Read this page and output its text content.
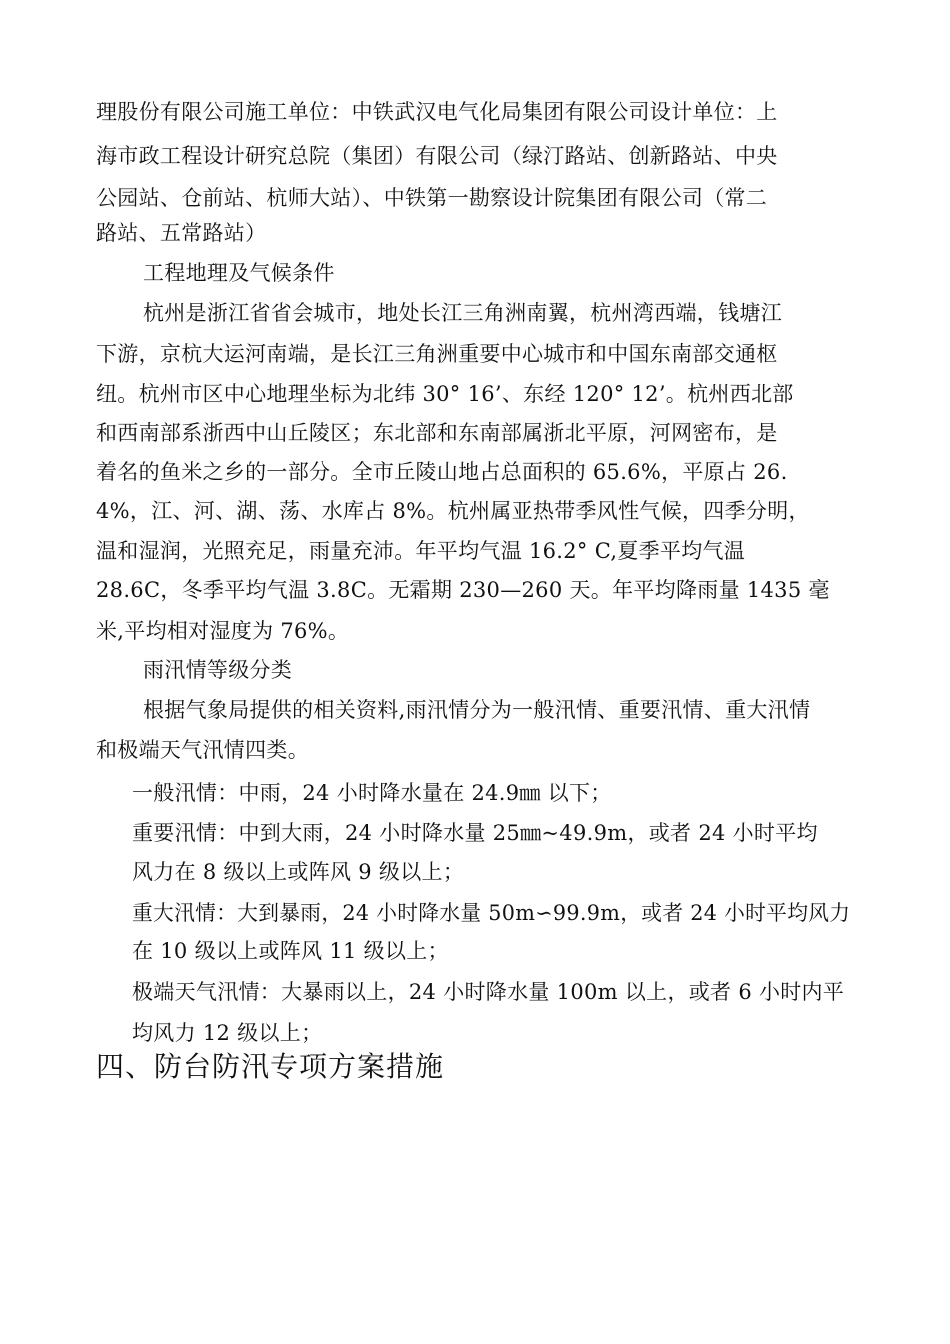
理股份有限公司施工单位：中铁武汉电气化局集团有限公司设计单位：上
海市政工程设计研究总院（集团）有限公司（绿汀路站、创新路站、中央
公园站、仓前站、杭师大站）、中铁第一勘察设计院集团有限公司（常二
路站、五常路站）
工程地理及气候条件
杭州是浙江省省会城市，地处长江三角洲南翼，杭州湾西端，钱塘江
下游，京杭大运河南端，是长江三角洲重要中心城市和中国东南部交通枢
纽。杭州市区中心地理坐标为北纬 30° 16’、东经 120° 12’。杭州西北部
和西南部系浙西中山丘陵区；东北部和东南部属浙北平原，河网密布，是
着名的鱼米之乡的一部分。全市丘陵山地占总面积的 65.6%，平原占 26.
4%，江、河、湖、荡、水库占 8%。杭州属亚热带季风性气候，四季分明，
温和湿润，光照充足，雨量充沛。年平均气温 16.2° C,夏季平均气温
28.6C，冬季平均气温 3.8C。无霜期 230—260 天。年平均降雨量 1435 毫
米,平均相对湿度为 76%。
雨汛情等级分类
根据气象局提供的相关资料,雨汛情分为一般汛情、重要汛情、重大汛情
和极端天气汛情四类。
一般汛情：中雨，24 小时降水量在 24.9㎜ 以下；
重要汛情：中到大雨，24 小时降水量 25㎜~49.9m，或者 24 小时平均
风力在 8 级以上或阵风 9 级以上；
重大汛情：大到暴雨，24 小时降水量 50m∽99.9m，或者 24 小时平均风力
在 10 级以上或阵风 11 级以上；
极端天气汛情：大暴雨以上，24 小时降水量 100m 以上，或者 6 小时内平
均风力 12 级以上；
四、防台防汛专项方案措施
